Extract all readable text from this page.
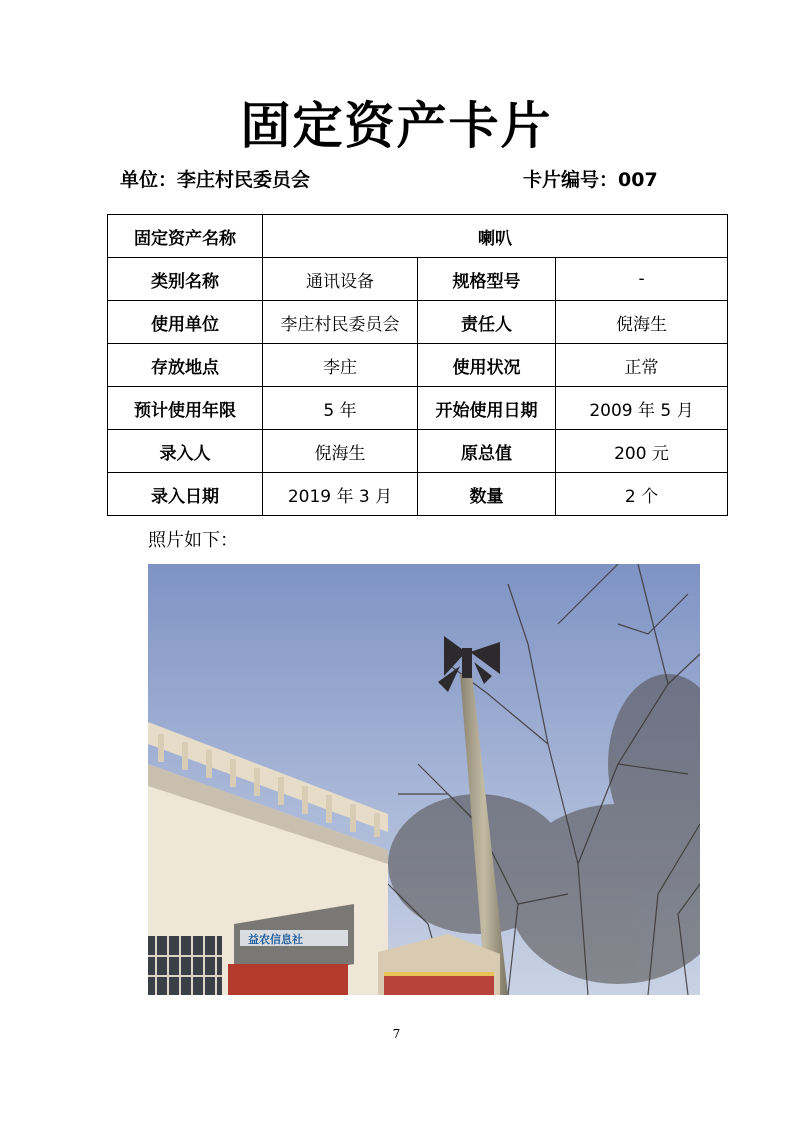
固定资产卡片
单位：李庄村民委员会	卡片编号：007
固定资产名称	喇叭		
类别名称	通讯设备	规格型号	-
使用单位	李庄村民委员会	责任人	倪海生
存放地点	李庄	使用状况	正常
预计使用年限	5 年	开始使用日期	2009 年 5 月
录入人	倪海生	原总值	200 元
录入日期	2019 年 3 月	数量	2 个
照片如下：
益农信息社
7
